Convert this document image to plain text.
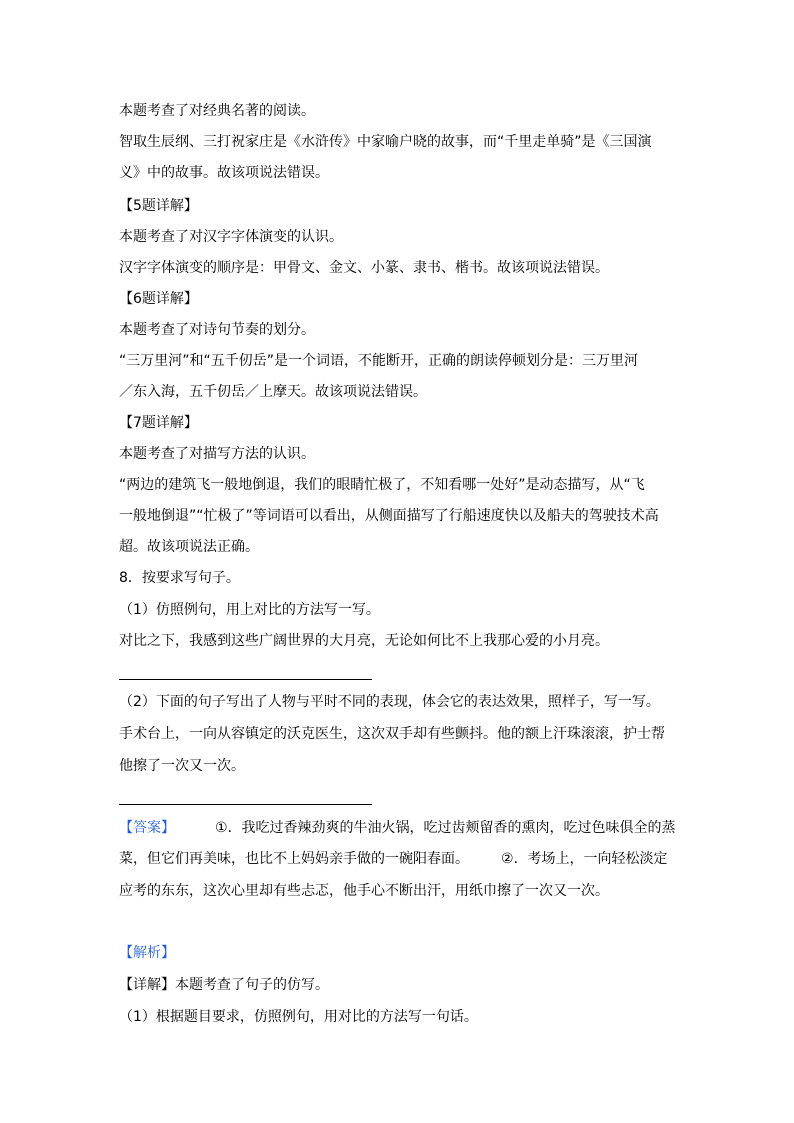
本题考查了对经典名著的阅读。
智取生辰纲、三打祝家庄是《水浒传》中家喻户晓的故事，而“千里走单骑”是《三国演
义》中的故事。故该项说法错误。
【5题详解】
本题考查了对汉字字体演变的认识。
汉字字体演变的顺序是：甲骨文、金文、小篆、隶书、楷书。故该项说法错误。
【6题详解】
本题考查了对诗句节奏的划分。
“三万里河”和“五千仞岳”是一个词语，不能断开，正确的朗读停顿划分是：三万里河
／东入海，五千仞岳／上摩天。故该项说法错误。
【7题详解】
本题考查了对描写方法的认识。
“两边的建筑飞一般地倒退，我们的眼睛忙极了，不知看哪一处好”是动态描写，从“飞
一般地倒退”“忙极了”等词语可以看出，从侧面描写了行船速度快以及船夫的驾驶技术高
超。故该项说法正确。
8．按要求写句子。
（1）仿照例句，用上对比的方法写一写。
对比之下，我感到这些广阔世界的大月亮，无论如何比不上我那心爱的小月亮。
（2）下面的句子写出了人物与平时不同的表现，体会它的表达效果，照样子，写一写。
手术台上，一向从容镇定的沃克医生，这次双手却有些颤抖。他的额上汗珠滚滚，护士帮
他擦了一次又一次。
【答案】	①．我吃过香辣劲爽的牛油火锅，吃过齿颊留香的熏肉，吃过色味俱全的蒸
菜，但它们再美味，也比不上妈妈亲手做的一碗阳春面。 ②．考场上，一向轻松淡定
应考的东东，这次心里却有些忐忑，他手心不断出汗，用纸巾擦了一次又一次。
【解析】
【详解】本题考查了句子的仿写。
（1）根据题目要求，仿照例句，用对比的方法写一句话。
